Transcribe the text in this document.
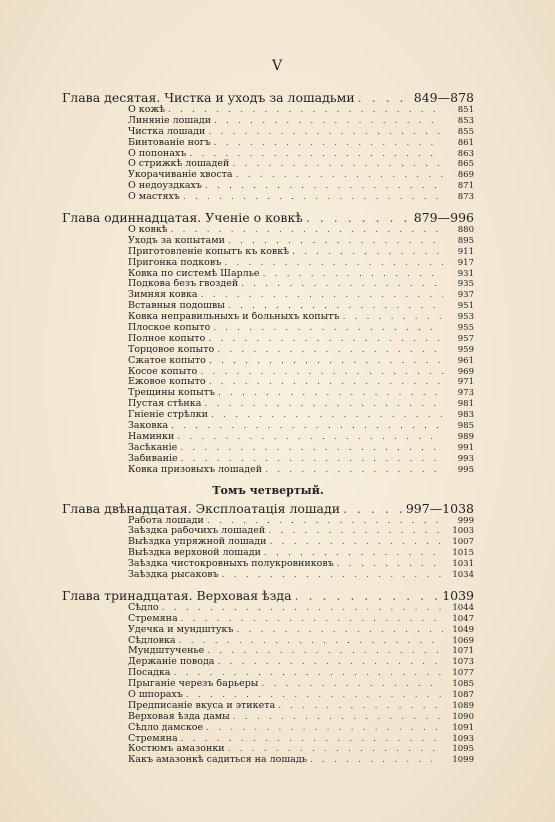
V
Глава десятая. Чистка и уходъ за лошадьми . . .	849—878
О кожѣ . . .	851
Линяніе лошади . . .	853
Чистка лошади . . .	855
Бинтованіе ногъ . . .	861
О попонахъ . . .	863
О стрижкѣ лошадей . . .	865
Укорачиваніе хвоста . . .	869
О недоуздкахъ . . .	871
О мастяхъ . . .	873
Глава одиннадцатая. Ученіе о ковкѣ . . .	879—996
О ковкѣ . . .	880
Уходъ за копытами . . .	895
Приготовленіе копытъ къ ковкѣ . . .	911
Пригонка подковъ . . .	917
Ковка по системѣ Шарлье . . .	931
Подкова безъ гвоздей . . .	935
Зимняя ковка . . .	937
Вставныя подошвы . . .	951
Ковка неправильныхъ и больныхъ копытъ . . .	953
Плоское копыто . . .	955
Полное копыто . . .	957
Торцовое копыто . . .	959
Сжатое копыто . . .	961
Косое копыто . . .	969
Ежовое копыто . . .	971
Трещины копытъ . . .	973
Пустая стѣнка . . .	981
Гніеніе стрѣлки . . .	983
Заковка . . .	985
Наминки . . .	989
Засѣканіе . . .	991
Забиваніе . . .	993
Ковка призовыхъ лошадей . . .	995
Томъ четвертый.
Глава двѣнадцатая. Эксплоатація лошади . . .	997—1038
Работа лошади . . .	999
Заѣздка рабочихъ лошадей . . .	1003
Выѣздка упряжной лошади . . .	1007
Выѣздка верховой лошади . . .	1015
Заѣздка чистокровныхъ полукровниковъ . . .	1031
Заѣздка рысаковъ . . .	1034
Глава тринадцатая. Верховая ѣзда . . .	1039
Сѣдло . . .	1044
Стремяна . . .	1047
Удечка и мундштукъ . . .	1049
Сѣдловка . . .	1069
Мундштученье . . .	1071
Держаніе повода . . .	1073
Посадка . . .	1077
Прыганіе черезъ барьеры . . .	1085
О шпорахъ . . .	1087
Предписаніе вкуса и этикета . . .	1089
Верховая ѣзда дамы . . .	1090
Сѣдло дамское . . .	1091
Стремяна . . .	1093
Костюмъ амазонки . . .	1095
Какъ амазонкѣ садиться на лошадь . . .	1099
